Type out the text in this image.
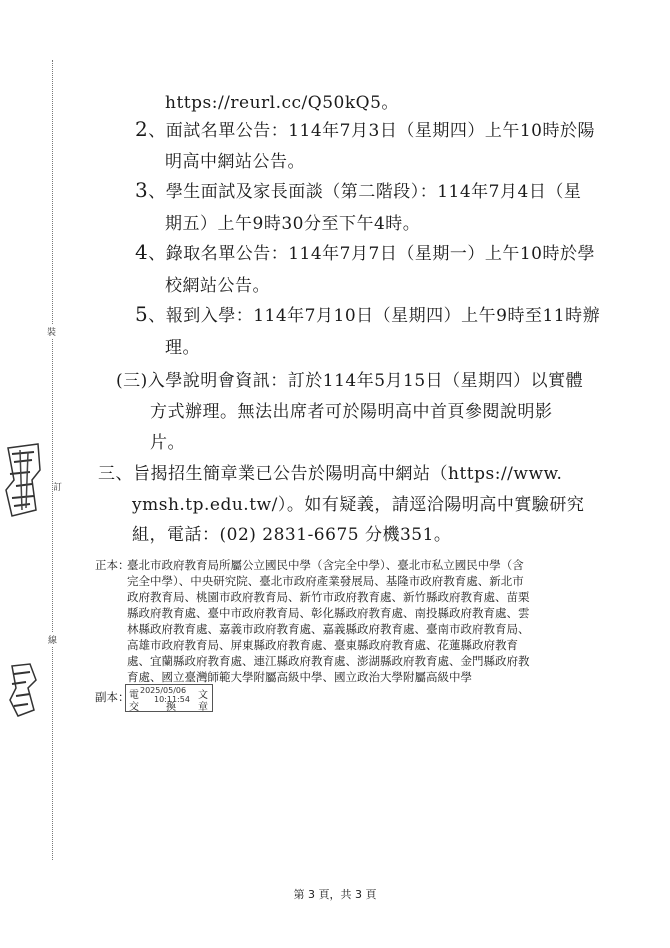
裝
訂
線
https://reurl.cc/Q50kQ5。
2、面試名單公告：114年7月3日（星期四）上午10時於陽
明高中網站公告。
3、學生面試及家長面談（第二階段）：114年7月4日（星
期五）上午9時30分至下午4時。
4、錄取名單公告：114年7月7日（星期一）上午10時於學
校網站公告。
5、報到入學：114年7月10日（星期四）上午9時至11時辦
理。
(三)入學說明會資訊：訂於114年5月15日（星期四）以實體
方式辦理。無法出席者可於陽明高中首頁參閱說明影
片。
三、旨揭招生簡章業已公告於陽明高中網站（https://www.
ymsh.tp.edu.tw/）。如有疑義，請逕洽陽明高中實驗研究
組，電話：(02) 2831-6675 分機351。
正本：
臺北市政府教育局所屬公立國民中學（含完全中學）、臺北市私立國民中學（含
完全中學）、中央研究院、臺北市政府產業發展局、基隆市政府教育處、新北市
政府教育局、桃園市政府教育局、新竹市政府教育處、新竹縣政府教育處、苗栗
縣政府教育處、臺中市政府教育局、彰化縣政府教育處、南投縣政府教育處、雲
林縣政府教育處、嘉義市政府教育處、嘉義縣政府教育處、臺南市政府教育局、
高雄市政府教育局、屏東縣政府教育處、臺東縣政府教育處、花蓮縣政府教育
處、宜蘭縣政府教育處、連江縣政府教育處、澎湖縣政府教育處、金門縣政府教
育處、國立臺灣師範大學附屬高級中學、國立政治大學附屬高級中學
副本： 電 2025/05/06 文
交
10:11:54
換 章
第 3 頁，共 3 頁
